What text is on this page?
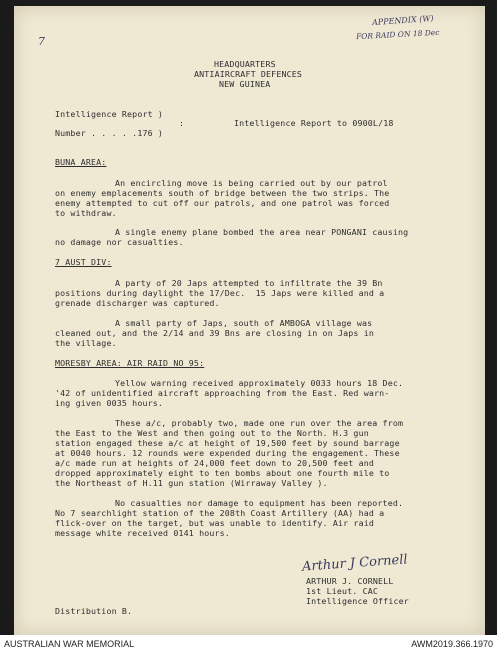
APPENDIX (W)
FOR RAID ON 18 Dec
7
HEADQUARTERS
ANTIAIRCRAFT DEFENCES
NEW GUINEA
Intelligence Report )
:
Number . . . . .176 )
Intelligence Report to 0900L/18
BUNA AREA:
An encircling move is being carried out by our patrol
on enemy emplacements south of bridge between the two strips. The
enemy attempted to cut off our patrols, and one patrol was forced
to withdraw.
A single enemy plane bombed the area near PONGANI causing
no damage nor casualties.
7 AUST DIV:
A party of 20 Japs attempted to infiltrate the 39 Bn
positions during daylight the 17/Dec.  15 Japs were killed and a
grenade discharger was captured.
A small party of Japs, south of AMBOGA village was
cleaned out, and the 2/14 and 39 Bns are closing in on Japs in
the village.
MORESBY AREA: AIR RAID NO 95:
Yellow warning received approximately 0033 hours 18 Dec.
'42 of unidentified aircraft approaching from the East. Red warn-
ing given 0035 hours.
These a/c, probably two, made one run over the area from
the East to the West and then going out to the North. H.3 gun
station engaged these a/c at height of 19,500 feet by sound barrage
at 0040 hours. 12 rounds were expended during the engagement. These
a/c made run at heights of 24,000 feet down to 20,500 feet and
dropped approximately eight to ten bombs about one fourth mile to
the Northeast of H.11 gun station (Wirraway Valley ).
No casualties nor damage to equipment has been reported.
No 7 searchlight station of the 208th Coast Artillery (AA) had a
flick-over on the target, but was unable to identify. Air raid
message white received 0141 hours.
Arthur J Cornell
ARTHUR J. CORNELL
1st Lieut. CAC
Intelligence Officer
Distribution B.
AUSTRALIAN WAR MEMORIAL	AWM2019.366.1970
